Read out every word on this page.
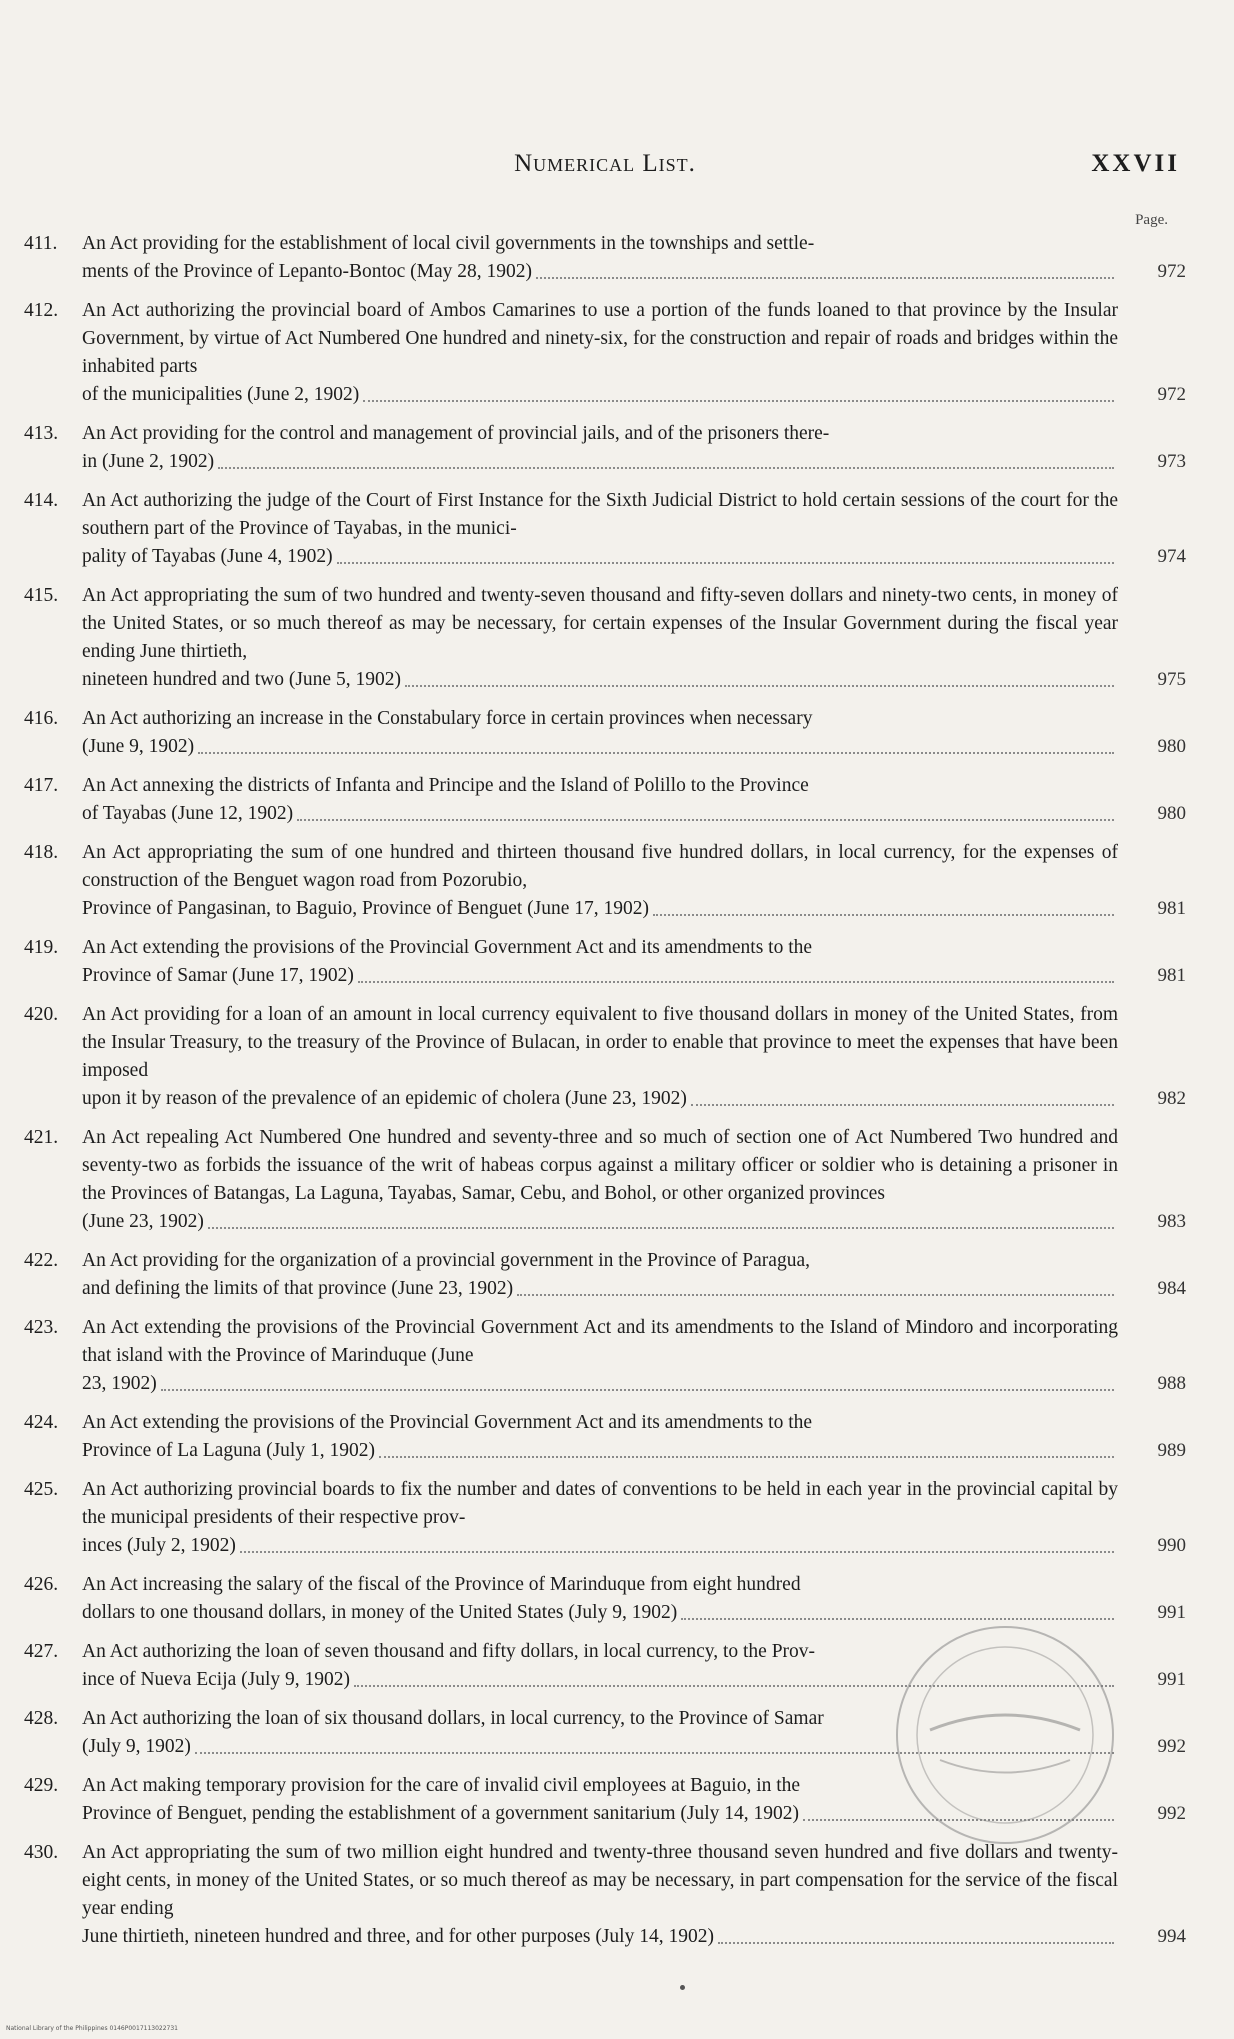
Numerical List.	XXVII
Page.
411.	An Act providing for the establishment of local civil governments in the townships and settle-
ments of the Province of Lepanto-Bontoc (May 28, 1902)	972
412.	An Act authorizing the provincial board of Ambos Camarines to use a portion of the funds loaned to that province by the Insular Government, by virtue of Act Numbered One hundred and ninety-six, for the construction and repair of roads and bridges within the inhabited parts
of the municipalities (June 2, 1902)	972
413.	An Act providing for the control and management of provincial jails, and of the prisoners there-
in (June 2, 1902)	973
414.	An Act authorizing the judge of the Court of First Instance for the Sixth Judicial District to hold certain sessions of the court for the southern part of the Province of Tayabas, in the munici-
pality of Tayabas (June 4, 1902)	974
415.	An Act appropriating the sum of two hundred and twenty-seven thousand and fifty-seven dollars and ninety-two cents, in money of the United States, or so much thereof as may be necessary, for certain expenses of the Insular Government during the fiscal year ending June thirtieth,
nineteen hundred and two (June 5, 1902)	975
416.	An Act authorizing an increase in the Constabulary force in certain provinces when necessary
(June 9, 1902)	980
417.	An Act annexing the districts of Infanta and Principe and the Island of Polillo to the Province
of Tayabas (June 12, 1902)	980
418.	An Act appropriating the sum of one hundred and thirteen thousand five hundred dollars, in local currency, for the expenses of construction of the Benguet wagon road from Pozorubio,
Province of Pangasinan, to Baguio, Province of Benguet (June 17, 1902)	981
419.	An Act extending the provisions of the Provincial Government Act and its amendments to the
Province of Samar (June 17, 1902)	981
420.	An Act providing for a loan of an amount in local currency equivalent to five thousand dollars in money of the United States, from the Insular Treasury, to the treasury of the Province of Bulacan, in order to enable that province to meet the expenses that have been imposed
upon it by reason of the prevalence of an epidemic of cholera (June 23, 1902)	982
421.	An Act repealing Act Numbered One hundred and seventy-three and so much of section one of Act Numbered Two hundred and seventy-two as forbids the issuance of the writ of habeas corpus against a military officer or soldier who is detaining a prisoner in the Provinces of Batangas, La Laguna, Tayabas, Samar, Cebu, and Bohol, or other organized provinces
(June 23, 1902)	983
422.	An Act providing for the organization of a provincial government in the Province of Paragua,
and defining the limits of that province (June 23, 1902)	984
423.	An Act extending the provisions of the Provincial Government Act and its amendments to the Island of Mindoro and incorporating that island with the Province of Marinduque (June
23, 1902)	988
424.	An Act extending the provisions of the Provincial Government Act and its amendments to the
Province of La Laguna (July 1, 1902)	989
425.	An Act authorizing provincial boards to fix the number and dates of conventions to be held in each year in the provincial capital by the municipal presidents of their respective prov-
inces (July 2, 1902)	990
426.	An Act increasing the salary of the fiscal of the Province of Marinduque from eight hundred
dollars to one thousand dollars, in money of the United States (July 9, 1902)	991
427.	An Act authorizing the loan of seven thousand and fifty dollars, in local currency, to the Prov-
ince of Nueva Ecija (July 9, 1902)	991
428.	An Act authorizing the loan of six thousand dollars, in local currency, to the Province of Samar
(July 9, 1902)	992
429.	An Act making temporary provision for the care of invalid civil employees at Baguio, in the
Province of Benguet, pending the establishment of a government sanitarium (July 14, 1902)	992
430.	An Act appropriating the sum of two million eight hundred and twenty-three thousand seven hundred and five dollars and twenty-eight cents, in money of the United States, or so much thereof as may be necessary, in part compensation for the service of the fiscal year ending
June thirtieth, nineteen hundred and three, and for other purposes (July 14, 1902)	994
National Library of the Philippines 0146P0017113022731
